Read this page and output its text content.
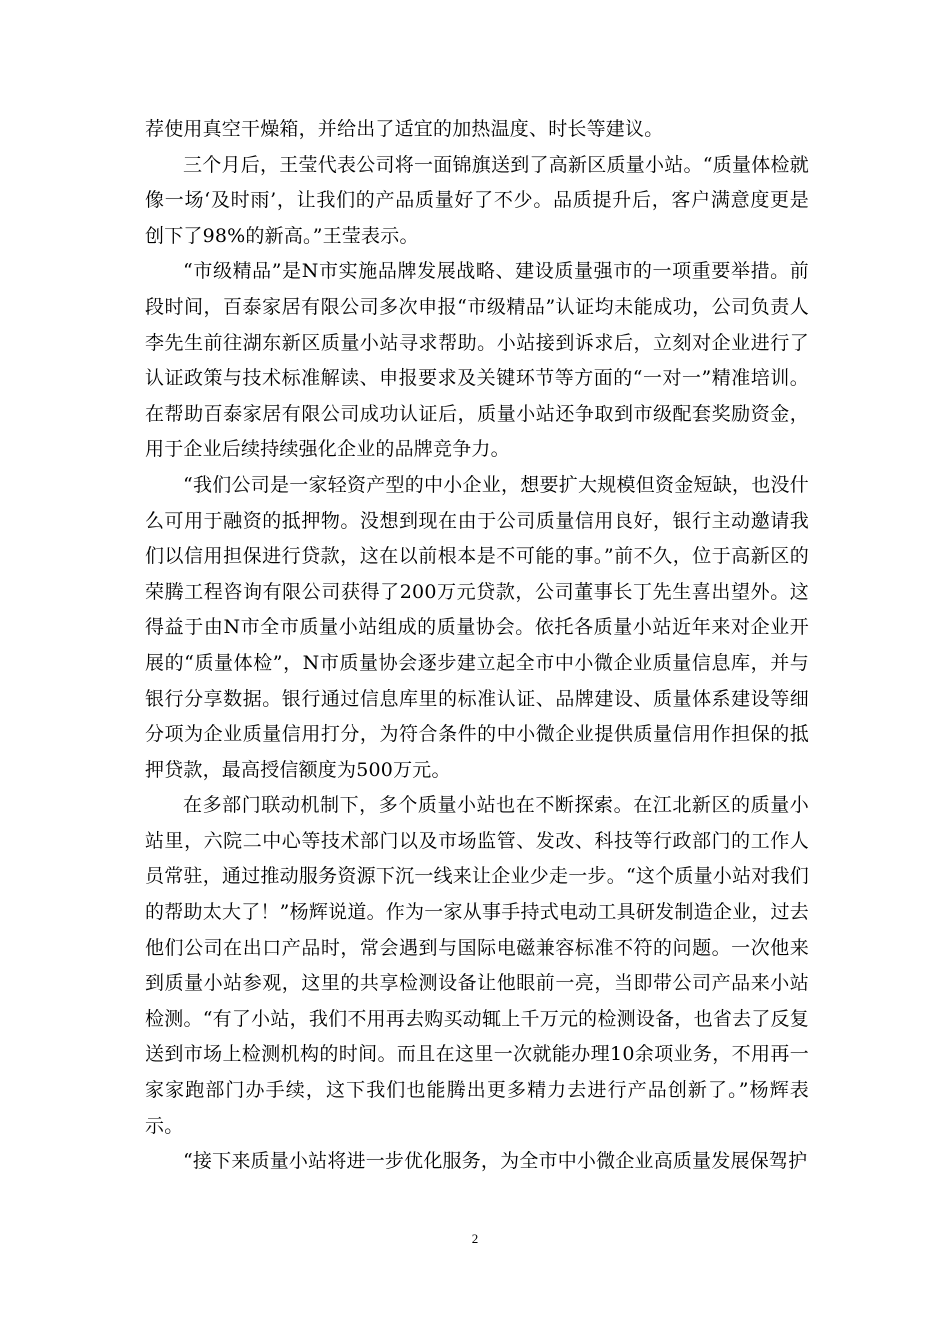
荐使用真空干燥箱，并给出了适宜的加热温度、时长等建议。

三个月后，王莹代表公司将一面锦旗送到了高新区质量小站。“质量体检就像一场‘及时雨’，让我们的产品质量好了不少。品质提升后，客户满意度更是创下了98%的新高。”王莹表示。

“市级精品”是N市实施品牌发展战略、建设质量强市的一项重要举措。前段时间，百泰家居有限公司多次申报“市级精品”认证均未能成功，公司负责人李先生前往湖东新区质量小站寻求帮助。小站接到诉求后，立刻对企业进行了认证政策与技术标准解读、申报要求及关键环节等方面的“一对一”精准培训。在帮助百泰家居有限公司成功认证后，质量小站还争取到市级配套奖励资金，用于企业后续持续强化企业的品牌竞争力。

“我们公司是一家轻资产型的中小企业，想要扩大规模但资金短缺，也没什么可用于融资的抵押物。没想到现在由于公司质量信用良好，银行主动邀请我们以信用担保进行贷款，这在以前根本是不可能的事。”前不久，位于高新区的荣腾工程咨询有限公司获得了200万元贷款，公司董事长丁先生喜出望外。这得益于由N市全市质量小站组成的质量协会。依托各质量小站近年来对企业开展的“质量体检”，N市质量协会逐步建立起全市中小微企业质量信息库，并与银行分享数据。银行通过信息库里的标准认证、品牌建设、质量体系建设等细分项为企业质量信用打分，为符合条件的中小微企业提供质量信用作担保的抵押贷款，最高授信额度为500万元。

在多部门联动机制下，多个质量小站也在不断探索。在江北新区的质量小站里，六院二中心等技术部门以及市场监管、发改、科技等行政部门的工作人员常驻，通过推动服务资源下沉一线来让企业少走一步。“这个质量小站对我们的帮助太大了！”杨辉说道。作为一家从事手持式电动工具研发制造企业，过去他们公司在出口产品时，常会遇到与国际电磁兼容标准不符的问题。一次他来到质量小站参观，这里的共享检测设备让他眼前一亮，当即带公司产品来小站检测。“有了小站，我们不用再去购买动辄上千万元的检测设备，也省去了反复送到市场上检测机构的时间。而且在这里一次就能办理10余项业务，不用再一家家跑部门办手续，这下我们也能腾出更多精力去进行产品创新了。”杨辉表示。

“接下来质量小站将进一步优化服务，为全市中小微企业高质量发展保驾护

2
